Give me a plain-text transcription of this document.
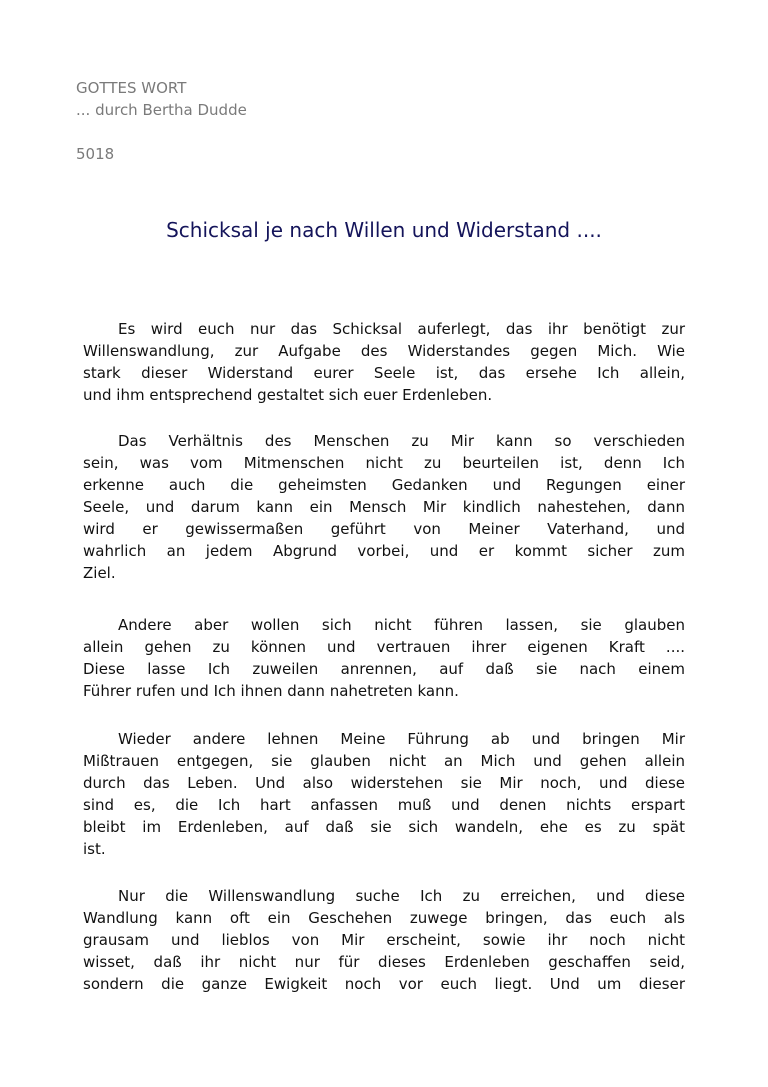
GOTTES WORT
... durch Bertha Dudde
5018
Schicksal je nach Willen und Widerstand ....
Es wird euch nur das Schicksal auferlegt, das ihr benötigt zur
Willenswandlung, zur Aufgabe des Widerstandes gegen Mich. Wie
stark dieser Widerstand eurer Seele ist, das ersehe Ich allein,
und ihm entsprechend gestaltet sich euer Erdenleben.
Das Verhältnis des Menschen zu Mir kann so verschieden
sein, was vom Mitmenschen nicht zu beurteilen ist, denn Ich
erkenne auch die geheimsten Gedanken und Regungen einer
Seele, und darum kann ein Mensch Mir kindlich nahestehen, dann
wird er gewissermaßen geführt von Meiner Vaterhand, und
wahrlich an jedem Abgrund vorbei, und er kommt sicher zum
Ziel.
Andere aber wollen sich nicht führen lassen, sie glauben
allein gehen zu können und vertrauen ihrer eigenen Kraft ....
Diese lasse Ich zuweilen anrennen, auf daß sie nach einem
Führer rufen und Ich ihnen dann nahetreten kann.
Wieder andere lehnen Meine Führung ab und bringen Mir
Mißtrauen entgegen, sie glauben nicht an Mich und gehen allein
durch das Leben. Und also widerstehen sie Mir noch, und diese
sind es, die Ich hart anfassen muß und denen nichts erspart
bleibt im Erdenleben, auf daß sie sich wandeln, ehe es zu spät
ist.
Nur die Willenswandlung suche Ich zu erreichen, und diese
Wandlung kann oft ein Geschehen zuwege bringen, das euch als
grausam und lieblos von Mir erscheint, sowie ihr noch nicht
wisset, daß ihr nicht nur für dieses Erdenleben geschaffen seid,
sondern die ganze Ewigkeit noch vor euch liegt. Und um dieser
